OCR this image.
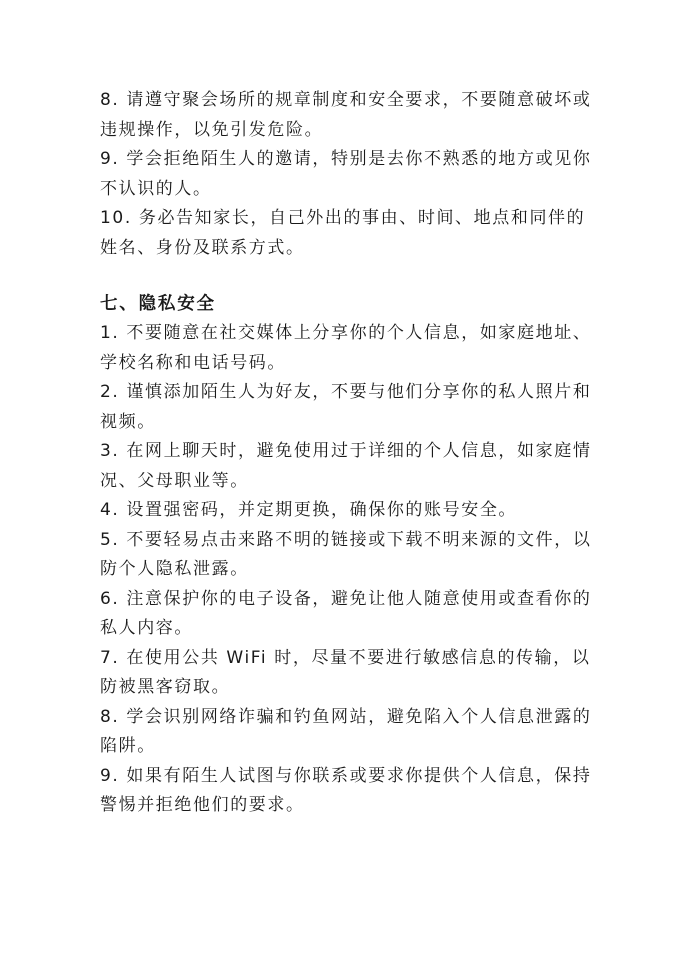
8. 请遵守聚会场所的规章制度和安全要求，不要随意破坏或
违规操作，以免引发危险。

9. 学会拒绝陌生人的邀请，特别是去你不熟悉的地方或见你
不认识的人。

10. 务必告知家长，自己外出的事由、时间、地点和同伴的
姓名、身份及联系方式。

七、隐私安全

1. 不要随意在社交媒体上分享你的个人信息，如家庭地址、
学校名称和电话号码。

2. 谨慎添加陌生人为好友，不要与他们分享你的私人照片和
视频。

3. 在网上聊天时，避免使用过于详细的个人信息，如家庭情
况、父母职业等。

4. 设置强密码，并定期更换，确保你的账号安全。

5. 不要轻易点击来路不明的链接或下载不明来源的文件，以
防个人隐私泄露。

6. 注意保护你的电子设备，避免让他人随意使用或查看你的
私人内容。

7. 在使用公共 WiFi 时，尽量不要进行敏感信息的传输，以
防被黑客窃取。

8. 学会识别网络诈骗和钓鱼网站，避免陷入个人信息泄露的
陷阱。

9. 如果有陌生人试图与你联系或要求你提供个人信息，保持
警惕并拒绝他们的要求。
